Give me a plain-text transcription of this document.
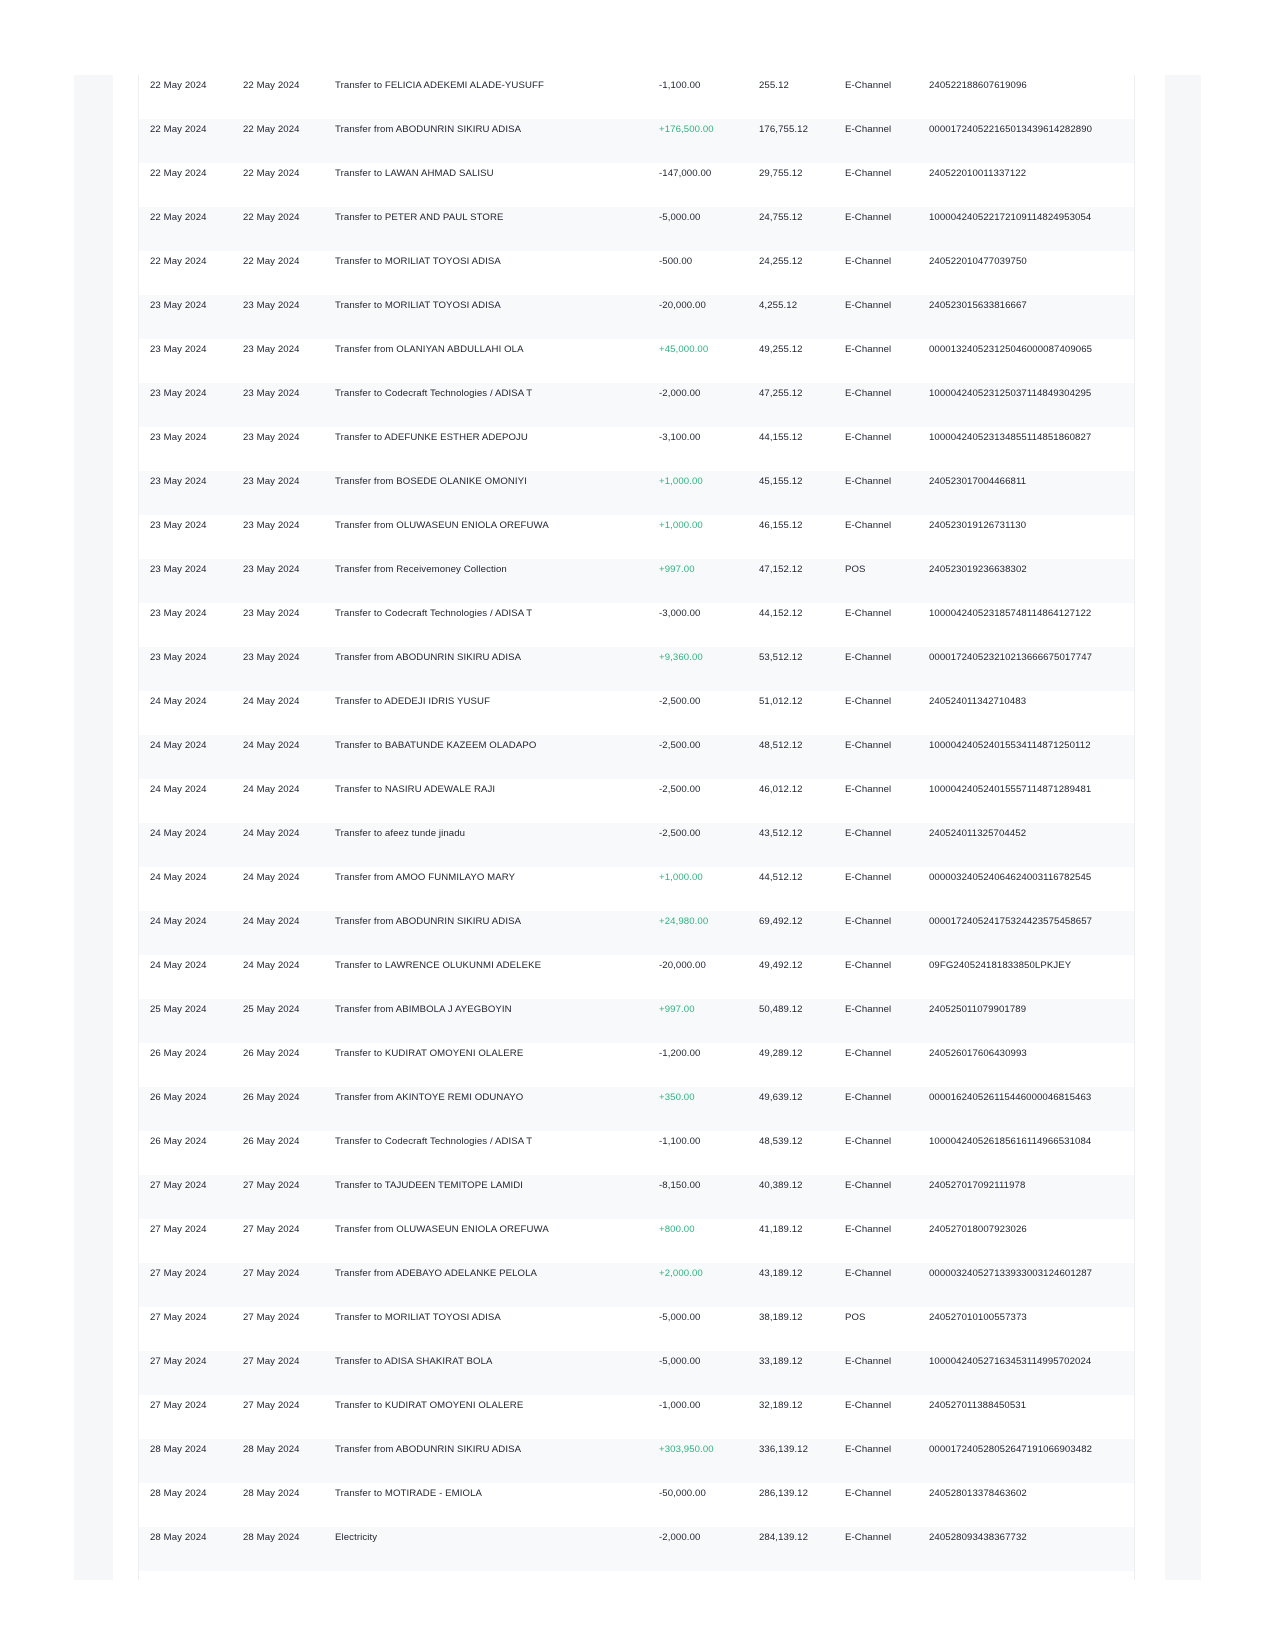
22 May 2024	22 May 2024	Transfer to FELICIA ADEKEMI ALADE-YUSUFF	-1,100.00	255.12	E-Channel	240522188607619096
22 May 2024	22 May 2024	Transfer from ABODUNRIN SIKIRU ADISA	+176,500.00	176,755.12	E-Channel	000017240522165013439614282890
22 May 2024	22 May 2024	Transfer to LAWAN AHMAD SALISU	-147,000.00	29,755.12	E-Channel	240522010011337122
22 May 2024	22 May 2024	Transfer to PETER AND PAUL STORE	-5,000.00	24,755.12	E-Channel	100004240522172109114824953054
22 May 2024	22 May 2024	Transfer to MORILIAT TOYOSI ADISA	-500.00	24,255.12	E-Channel	240522010477039750
23 May 2024	23 May 2024	Transfer to MORILIAT TOYOSI ADISA	-20,000.00	4,255.12	E-Channel	240523015633816667
23 May 2024	23 May 2024	Transfer from OLANIYAN ABDULLAHI OLA	+45,000.00	49,255.12	E-Channel	000013240523125046000087409065
23 May 2024	23 May 2024	Transfer to Codecraft Technologies / ADISA T	-2,000.00	47,255.12	E-Channel	100004240523125037114849304295
23 May 2024	23 May 2024	Transfer to ADEFUNKE ESTHER ADEPOJU	-3,100.00	44,155.12	E-Channel	100004240523134855114851860827
23 May 2024	23 May 2024	Transfer from BOSEDE OLANIKE OMONIYI	+1,000.00	45,155.12	E-Channel	240523017004466811
23 May 2024	23 May 2024	Transfer from OLUWASEUN ENIOLA OREFUWA	+1,000.00	46,155.12	E-Channel	240523019126731130
23 May 2024	23 May 2024	Transfer from Receivemoney Collection	+997.00	47,152.12	POS	240523019236638302
23 May 2024	23 May 2024	Transfer to Codecraft Technologies / ADISA T	-3,000.00	44,152.12	E-Channel	100004240523185748114864127122
23 May 2024	23 May 2024	Transfer from ABODUNRIN SIKIRU ADISA	+9,360.00	53,512.12	E-Channel	000017240523210213666675017747
24 May 2024	24 May 2024	Transfer to ADEDEJI IDRIS YUSUF	-2,500.00	51,012.12	E-Channel	240524011342710483
24 May 2024	24 May 2024	Transfer to BABATUNDE KAZEEM OLADAPO	-2,500.00	48,512.12	E-Channel	100004240524015534114871250112
24 May 2024	24 May 2024	Transfer to NASIRU ADEWALE RAJI	-2,500.00	46,012.12	E-Channel	100004240524015557114871289481
24 May 2024	24 May 2024	Transfer to afeez tunde jinadu	-2,500.00	43,512.12	E-Channel	240524011325704452
24 May 2024	24 May 2024	Transfer from AMOO FUNMILAYO MARY	+1,000.00	44,512.12	E-Channel	000003240524064624003116782545
24 May 2024	24 May 2024	Transfer from ABODUNRIN SIKIRU ADISA	+24,980.00	69,492.12	E-Channel	000017240524175324423575458657
24 May 2024	24 May 2024	Transfer to LAWRENCE OLUKUNMI ADELEKE	-20,000.00	49,492.12	E-Channel	09FG240524181833850LPKJEY
25 May 2024	25 May 2024	Transfer from ABIMBOLA J AYEGBOYIN	+997.00	50,489.12	E-Channel	240525011079901789
26 May 2024	26 May 2024	Transfer to KUDIRAT OMOYENI OLALERE	-1,200.00	49,289.12	E-Channel	240526017606430993
26 May 2024	26 May 2024	Transfer from AKINTOYE REMI ODUNAYO	+350.00	49,639.12	E-Channel	000016240526115446000046815463
26 May 2024	26 May 2024	Transfer to Codecraft Technologies / ADISA T	-1,100.00	48,539.12	E-Channel	100004240526185616114966531084
27 May 2024	27 May 2024	Transfer to TAJUDEEN TEMITOPE LAMIDI	-8,150.00	40,389.12	E-Channel	240527017092111978
27 May 2024	27 May 2024	Transfer from OLUWASEUN ENIOLA OREFUWA	+800.00	41,189.12	E-Channel	240527018007923026
27 May 2024	27 May 2024	Transfer from ADEBAYO ADELANKE PELOLA	+2,000.00	43,189.12	E-Channel	000003240527133933003124601287
27 May 2024	27 May 2024	Transfer to MORILIAT TOYOSI ADISA	-5,000.00	38,189.12	POS	240527010100557373
27 May 2024	27 May 2024	Transfer to ADISA SHAKIRAT BOLA	-5,000.00	33,189.12	E-Channel	100004240527163453114995702024
27 May 2024	27 May 2024	Transfer to KUDIRAT OMOYENI OLALERE	-1,000.00	32,189.12	E-Channel	240527011388450531
28 May 2024	28 May 2024	Transfer from ABODUNRIN SIKIRU ADISA	+303,950.00	336,139.12	E-Channel	000017240528052647191066903482
28 May 2024	28 May 2024	Transfer to MOTIRADE - EMIOLA	-50,000.00	286,139.12	E-Channel	240528013378463602
28 May 2024	28 May 2024	Electricity	-2,000.00	284,139.12	E-Channel	240528093438367732
